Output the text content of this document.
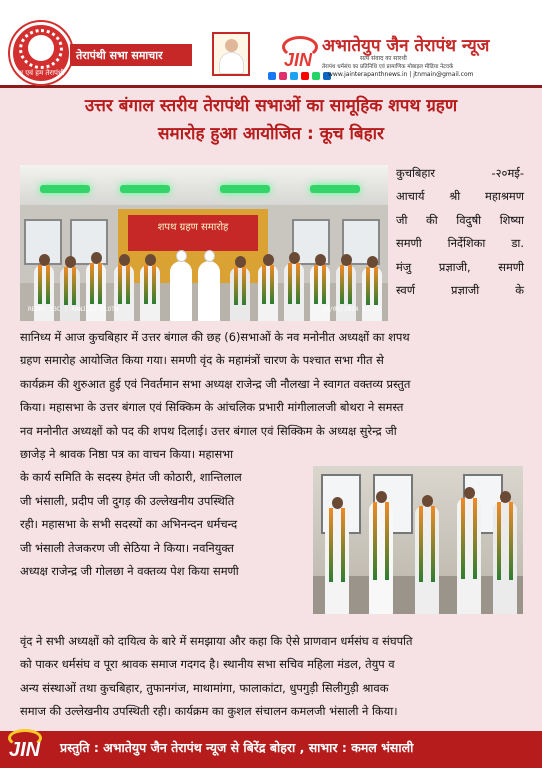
अ एवं हम तेरापंथी
तेरापंथी सभा समाचार	JIN
अभातेयुप जैन तेरापंथ न्यूज
सत्य संवाद का सारथी
तेरापंथ धर्मसंघ का प्रतिनिधि एवं प्रामाणिक मोबाइल मीडिया नेटवर्क
www.jainterapanthnews.in | jtnmain@gmail.com
उत्तर बंगाल स्तरीय तेरापंथी सभाओं का सामूहिक शपथ ग्रहण
समारोह हुआ आयोजित : कूच बिहार
शपथ ग्रहण समारोह
REDMI 13C | RANJEET CLOTH	20/05/2024 13:51
कुचबिहार -२०मई-
आचार्य श्री महाश्रमण
जी की विदुषी शिष्या
समणी निर्देशिका डा.
मंजु प्रज्ञाजी, समणी
स्वर्ण प्रज्ञाजी के
सानिध्य में आज कुचबिहार में उत्तर बंगाल की छह (6)सभाओं के नव मनोनीत अध्यक्षों का शपथ
ग्रहण समारोह आयोजित किया गया। समणी वृंद के महामंत्रों चारण के पश्चात सभा गीत से
कार्यक्रम की शुरुआत हुई एवं निवर्तमान सभा अध्यक्ष राजेन्द्र जी नौलखा ने स्वागत वक्तव्य प्रस्तुत
किया। महासभा के उत्तर बंगाल एवं सिक्किम के आंचलिक प्रभारी मांगीलालजी बोथरा ने समस्त
नव मनोनीत अध्यक्षों को पद की शपथ दिलाई। उत्तर बंगाल एवं सिक्किम के अध्यक्ष सुरेन्द्र जी
छाजेड़ ने श्रावक निष्ठा पत्र का वाचन किया। महासभा
के कार्य समिति के सदस्य हेमंत जी कोठारी, शान्तिलाल
जी भंसाली, प्रदीप जी दुगड़ की उल्लेखनीय उपस्थिति
रही। महासभा के सभी सदस्यों का अभिनन्दन धर्मचन्द
जी भंसाली तेजकरण जी सेठिया ने किया। नवनियुक्त
अध्यक्ष राजेन्द्र जी गोलछा ने वक्तव्य पेश किया समणी
वृंद ने सभी अध्यक्षों को दायित्व के बारे में समझाया और कहा कि ऐसे प्राणवान धर्मसंघ व संघपति
को पाकर धर्मसंघ व पूरा श्रावक समाज गदगद है। स्थानीय सभा सचिव महिला मंडल, तेयुप व
अन्य संस्थाओं तथा कुचबिहार, तुफानगंज, माथामांगा, फालाकांटा, धुपगुड़ी सिलीगुड़ी श्रावक
समाज की उल्लेखनीय उपस्थिती रही। कार्यक्रम का कुशल संचालन कमलजी भंसाली ने किया।
JIN प्रस्तुति : अभातेयुप जैन तेरापंथ न्यूज से बिरेंद्र बोहरा , साभार : कमल भंसाली
